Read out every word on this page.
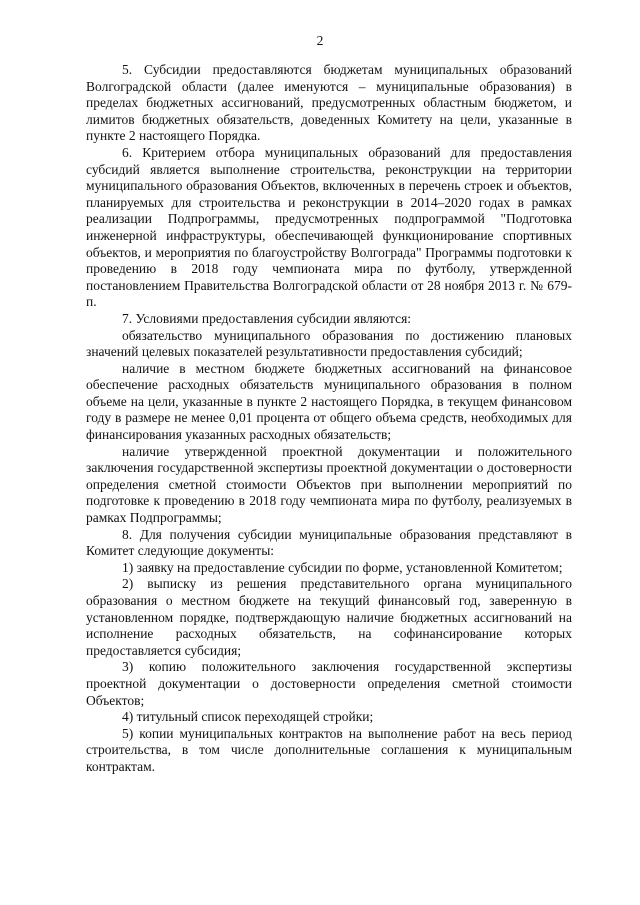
2

5. Субсидии предоставляются бюджетам муниципальных образований Волгоградской области (далее именуются – муниципальные образования) в пределах бюджетных ассигнований, предусмотренных областным бюджетом, и лимитов бюджетных обязательств, доведенных Комитету на цели, указанные в пункте 2 настоящего Порядка.

6. Критерием отбора муниципальных образований для предоставления субсидий является выполнение строительства, реконструкции на территории муниципального образования Объектов, включенных в перечень строек и объектов, планируемых для строительства и реконструкции в 2014–2020 годах в рамках реализации Подпрограммы, предусмотренных подпрограммой "Подготовка инженерной инфраструктуры, обеспечивающей функционирование спортивных объектов, и мероприятия по благоустройству Волгограда" Программы подготовки к проведению в 2018 году чемпионата мира по футболу, утвержденной постановлением Правительства Волгоградской области от 28 ноября 2013 г. № 679-п.

7. Условиями предоставления субсидии являются:

обязательство муниципального образования по достижению плановых значений целевых показателей результативности предоставления субсидий;

наличие в местном бюджете бюджетных ассигнований на финансовое обеспечение расходных обязательств муниципального образования в полном объеме на цели, указанные в пункте 2 настоящего Порядка, в текущем финансовом году в размере не менее 0,01 процента от общего объема средств, необходимых для финансирования указанных расходных обязательств;

наличие утвержденной проектной документации и положительного заключения государственной экспертизы проектной документации о достоверности определения сметной стоимости Объектов при выполнении мероприятий по подготовке к проведению в 2018 году чемпионата мира по футболу, реализуемых в рамках Подпрограммы;

8. Для получения субсидии муниципальные образования представляют в Комитет следующие документы:

1) заявку на предоставление субсидии по форме, установленной Комитетом;

2) выписку из решения представительного органа муниципального образования о местном бюджете на текущий финансовый год, заверенную в установленном порядке, подтверждающую наличие бюджетных ассигнований на исполнение расходных обязательств, на софинансирование которых предоставляется субсидия;

3) копию положительного заключения государственной экспертизы проектной документации о достоверности определения сметной стоимости Объектов;

4) титульный список переходящей стройки;

5) копии муниципальных контрактов на выполнение работ на весь период строительства, в том числе дополнительные соглашения к муниципальным контрактам.
